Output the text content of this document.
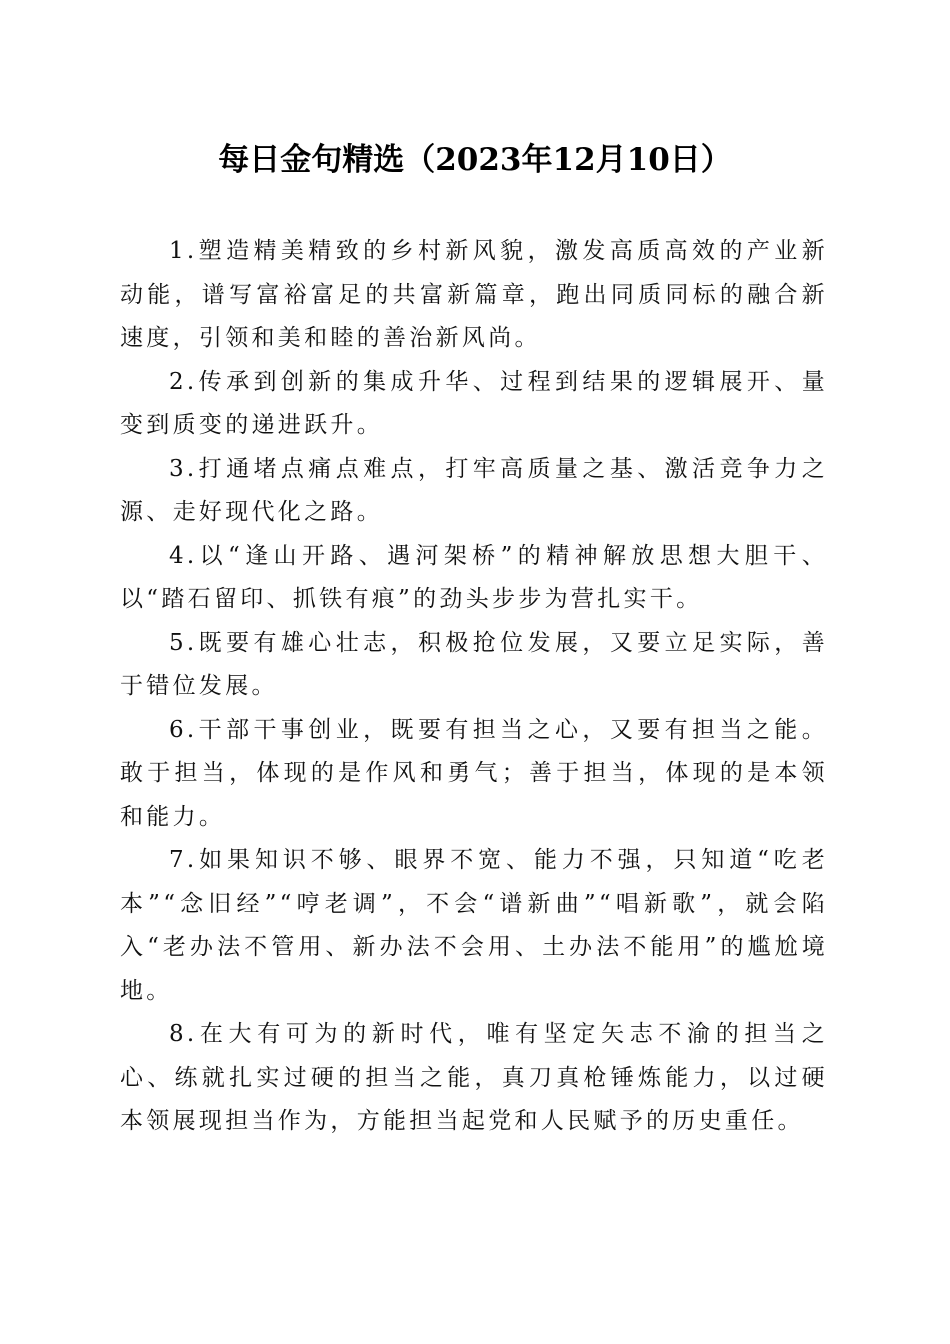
每日金句精选（2023年12月10日）

1.塑造精美精致的乡村新风貌，激发高质高效的产业新动能，谱写富裕富足的共富新篇章，跑出同质同标的融合新速度，引领和美和睦的善治新风尚。

2.传承到创新的集成升华、过程到结果的逻辑展开、量变到质变的递进跃升。

3.打通堵点痛点难点，打牢高质量之基、激活竞争力之源、走好现代化之路。

4.以“逢山开路、遇河架桥”的精神解放思想大胆干、以“踏石留印、抓铁有痕”的劲头步步为营扎实干。

5.既要有雄心壮志，积极抢位发展，又要立足实际，善于错位发展。

6.干部干事创业，既要有担当之心，又要有担当之能。敢于担当，体现的是作风和勇气；善于担当，体现的是本领和能力。

7.如果知识不够、眼界不宽、能力不强，只知道“吃老本”“念旧经”“哼老调”，不会“谱新曲”“唱新歌”，就会陷入“老办法不管用、新办法不会用、土办法不能用”的尴尬境地。

8.在大有可为的新时代，唯有坚定矢志不渝的担当之心、练就扎实过硬的担当之能，真刀真枪锤炼能力，以过硬本领展现担当作为，方能担当起党和人民赋予的历史重任。
